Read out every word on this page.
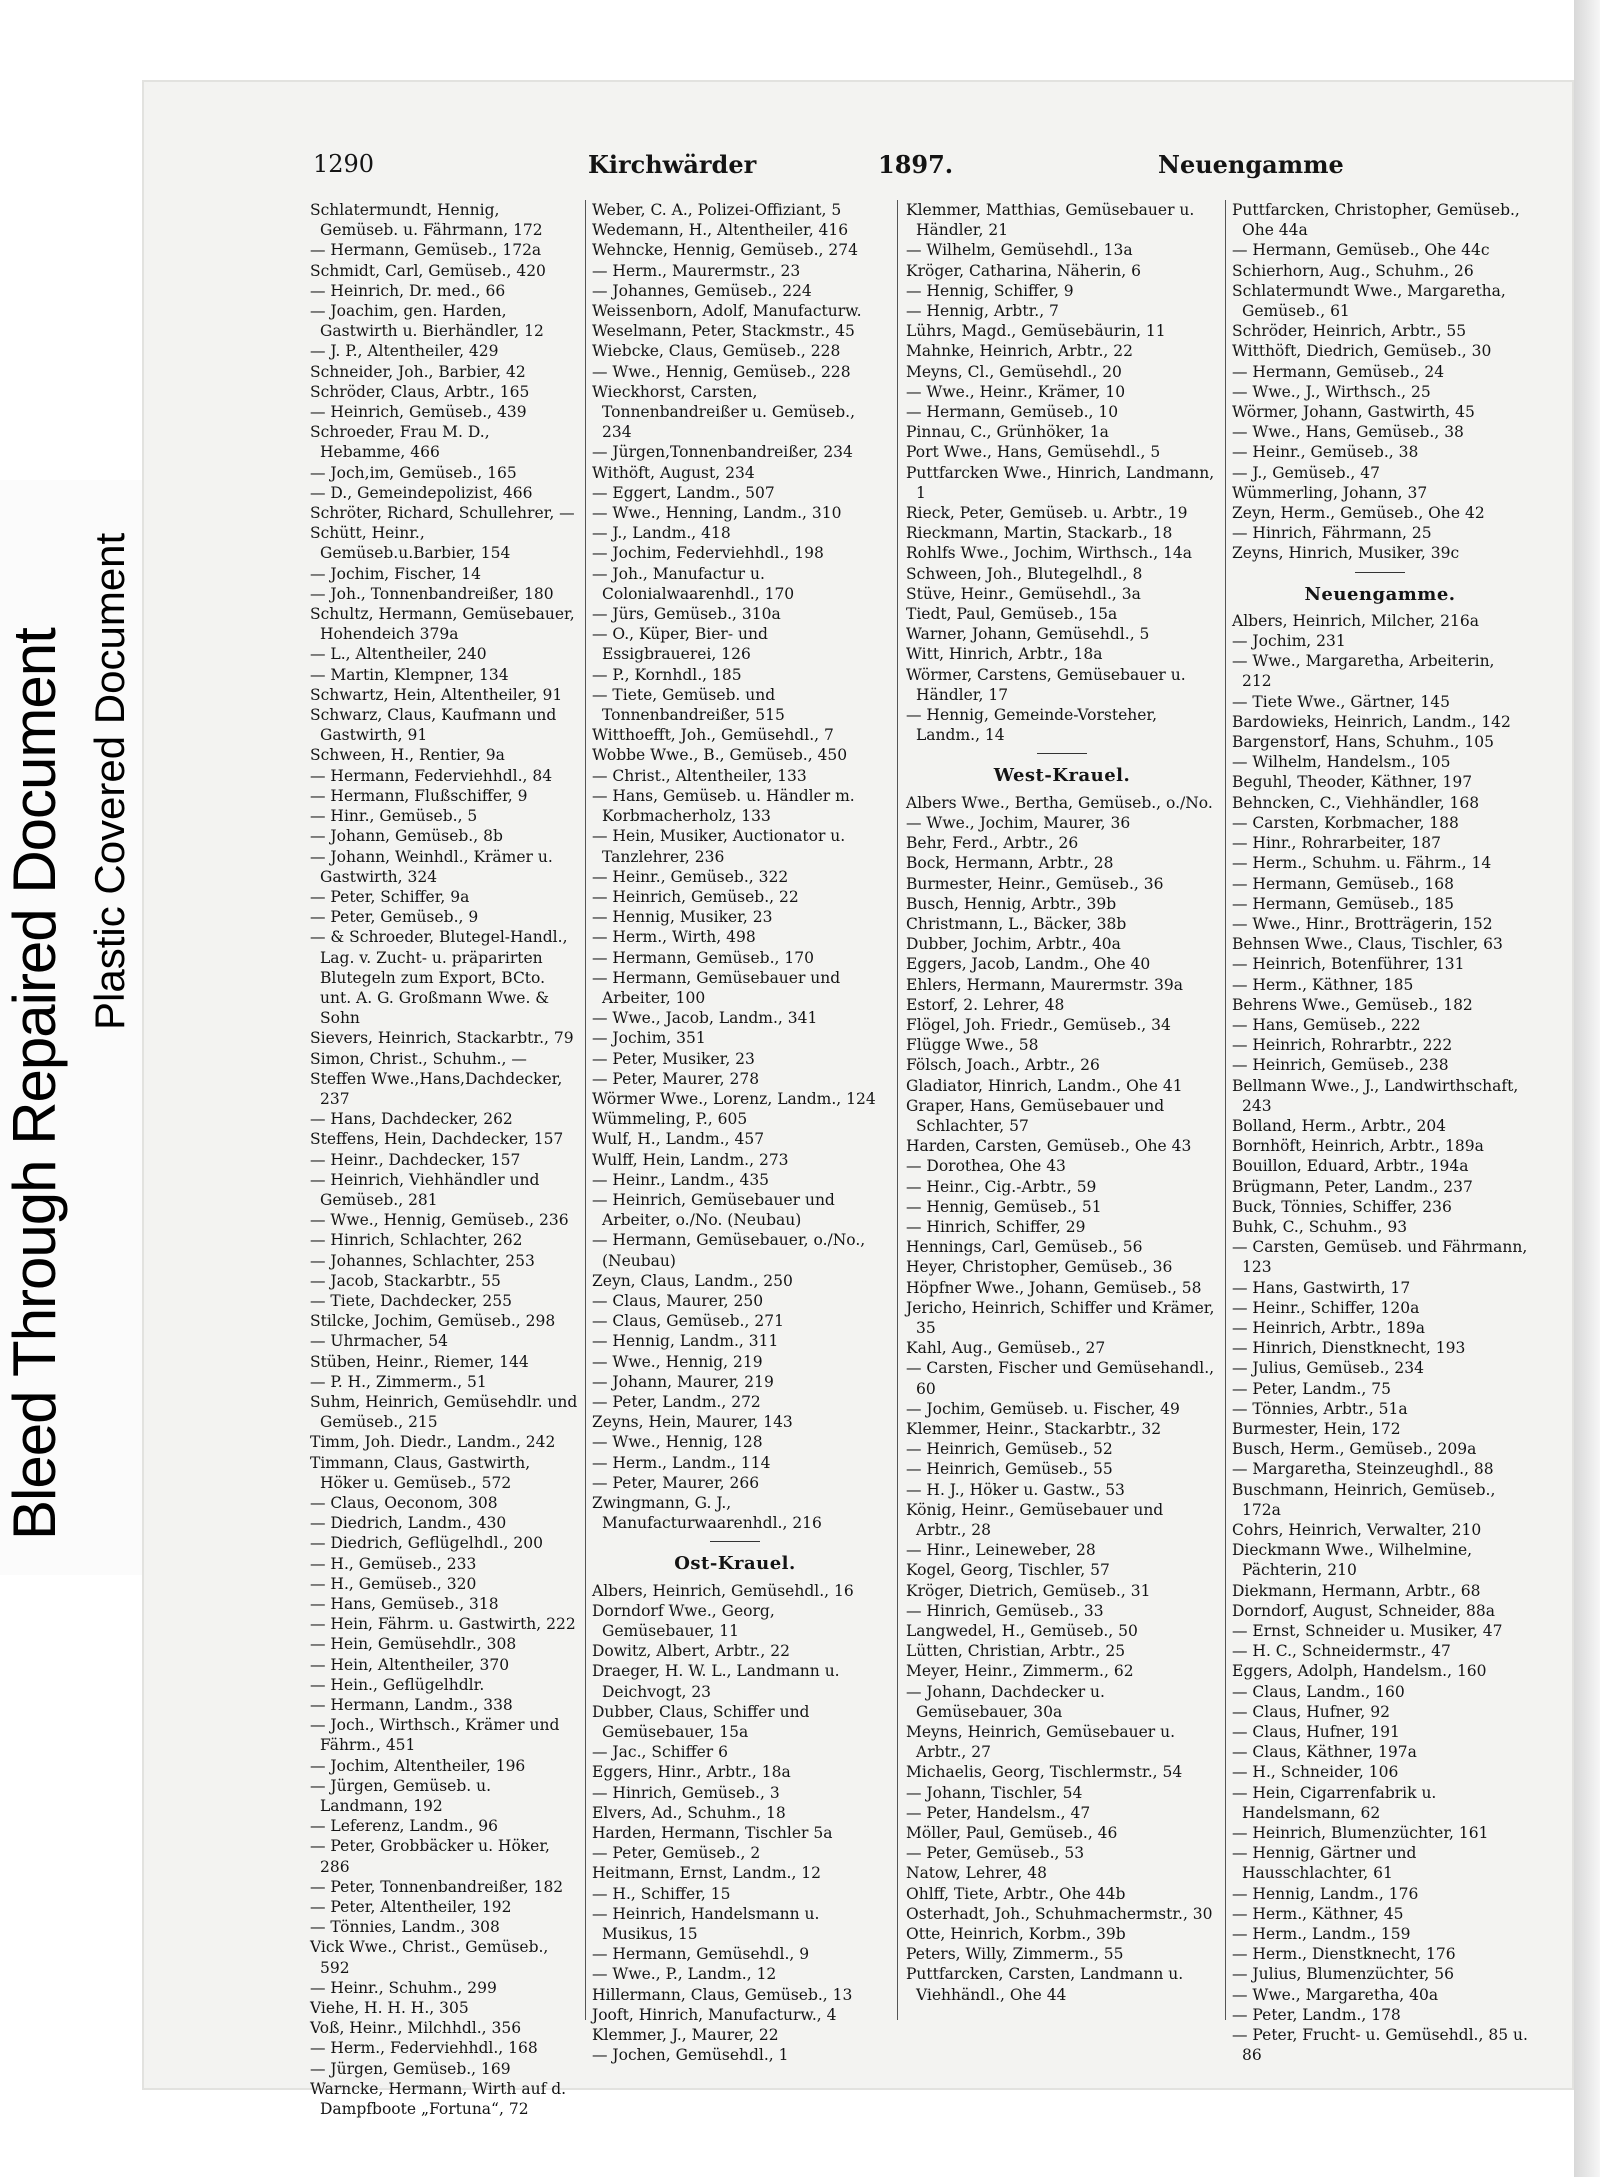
Bleed Through Repaired Document Plastic Covered Document
1290	Kirchwärder	1897.	Neuengamme

Schlatermundt, Hennig, Gemüseb. u. Fährmann, 172

— Hermann, Gemüseb., 172a

Schmidt, Carl, Gemüseb., 420

— Heinrich, Dr. med., 66

— Joachim, gen. Harden, Gastwirth u. Bierhändler, 12

— J. P., Altentheiler, 429

Schneider, Joh., Barbier, 42

Schröder, Claus, Arbtr., 165

— Heinrich, Gemüseb., 439

Schroeder, Frau M. D., Hebamme, 466

— Joch,im, Gemüseb., 165

— D., Gemeindepolizist, 466

Schröter, Richard, Schullehrer, —

Schütt, Heinr., Gemüseb.u.Barbier, 154

— Jochim, Fischer, 14

— Joh., Tonnenbandreißer, 180

Schultz, Hermann, Gemüsebauer, Hohendeich 379a

— L., Altentheiler, 240

— Martin, Klempner, 134

Schwartz, Hein, Altentheiler, 91

Schwarz, Claus, Kaufmann und Gastwirth, 91

Schween, H., Rentier, 9a

— Hermann, Federviehhdl., 84

— Hermann, Flußschiffer, 9

— Hinr., Gemüseb., 5

— Johann, Gemüseb., 8b

— Johann, Weinhdl., Krämer u. Gastwirth, 324

— Peter, Schiffer, 9a

— Peter, Gemüseb., 9

— & Schroeder, Blutegel-Handl., Lag. v. Zucht- u. präparirten Blutegeln zum Export, BCto. unt. A. G. Großmann Wwe. & Sohn

Sievers, Heinrich, Stackarbtr., 79

Simon, Christ., Schuhm., —

Steffen Wwe.,Hans,Dachdecker, 237

— Hans, Dachdecker, 262

Steffens, Hein, Dachdecker, 157

— Heinr., Dachdecker, 157

— Heinrich, Viehhändler und Gemüseb., 281

— Wwe., Hennig, Gemüseb., 236

— Hinrich, Schlachter, 262

— Johannes, Schlachter, 253

— Jacob, Stackarbtr., 55

— Tiete, Dachdecker, 255

Stilcke, Jochim, Gemüseb., 298

— Uhrmacher, 54

Stüben, Heinr., Riemer, 144

— P. H., Zimmerm., 51

Suhm, Heinrich, Gemüsehdlr. und Gemüseb., 215

Timm, Joh. Diedr., Landm., 242

Timmann, Claus, Gastwirth, Höker u. Gemüseb., 572

— Claus, Oeconom, 308

— Diedrich, Landm., 430

— Diedrich, Geflügelhdl., 200

— H., Gemüseb., 233

— H., Gemüseb., 320

— Hans, Gemüseb., 318

— Hein, Fährm. u. Gastwirth, 222

— Hein, Gemüsehdlr., 308

— Hein, Altentheiler, 370

— Hein., Geflügelhdlr.

— Hermann, Landm., 338

— Joch., Wirthsch., Krämer und Fährm., 451

— Jochim, Altentheiler, 196

— Jürgen, Gemüseb. u. Landmann, 192

— Leferenz, Landm., 96

— Peter, Grobbäcker u. Höker, 286

— Peter, Tonnenbandreißer, 182

— Peter, Altentheiler, 192

— Tönnies, Landm., 308

Vick Wwe., Christ., Gemüseb., 592

— Heinr., Schuhm., 299

Viehe, H. H. H., 305

Voß, Heinr., Milchhdl., 356

— Herm., Federviehhdl., 168

— Jürgen, Gemüseb., 169

Warncke, Hermann, Wirth auf d. Dampfboote „Fortuna“, 72

Weber, C. A., Polizei-Offiziant, 5

Wedemann, H., Altentheiler, 416

Wehncke, Hennig, Gemüseb., 274

— Herm., Maurermstr., 23

— Johannes, Gemüseb., 224

Weissenborn, Adolf, Manufacturw.

Weselmann, Peter, Stackmstr., 45

Wiebcke, Claus, Gemüseb., 228

— Wwe., Hennig, Gemüseb., 228

Wieckhorst, Carsten, Tonnenbandreißer u. Gemüseb., 234

— Jürgen,Tonnenbandreißer, 234

Withöft, August, 234

— Eggert, Landm., 507

— Wwe., Henning, Landm., 310

— J., Landm., 418

— Jochim, Federviehhdl., 198

— Joh., Manufactur u. Colonialwaarenhdl., 170

— Jürs, Gemüseb., 310a

— O., Küper, Bier- und Essigbrauerei, 126

— P., Kornhdl., 185

— Tiete, Gemüseb. und Tonnenbandreißer, 515

Witthoefft, Joh., Gemüsehdl., 7

Wobbe Wwe., B., Gemüseb., 450

— Christ., Altentheiler, 133

— Hans, Gemüseb. u. Händler m. Korbmacherholz, 133

— Hein, Musiker, Auctionator u. Tanzlehrer, 236

— Heinr., Gemüseb., 322

— Heinrich, Gemüseb., 22

— Hennig, Musiker, 23

— Herm., Wirth, 498

— Hermann, Gemüseb., 170

— Hermann, Gemüsebauer und Arbeiter, 100

— Wwe., Jacob, Landm., 341

— Jochim, 351

— Peter, Musiker, 23

— Peter, Maurer, 278

Wörmer Wwe., Lorenz, Landm., 124

Wümmeling, P., 605

Wulf, H., Landm., 457

Wulff, Hein, Landm., 273

— Heinr., Landm., 435

— Heinrich, Gemüsebauer und Arbeiter, o./No. (Neubau)

— Hermann, Gemüsebauer, o./No., (Neubau)

Zeyn, Claus, Landm., 250

— Claus, Maurer, 250

— Claus, Gemüseb., 271

— Hennig, Landm., 311

— Wwe., Hennig, 219

— Johann, Maurer, 219

— Peter, Landm., 272

Zeyns, Hein, Maurer, 143

— Wwe., Hennig, 128

— Herm., Landm., 114

— Peter, Maurer, 266

Zwingmann, G. J., Manufacturwaarenhdl., 216

Ost-Krauel.

Albers, Heinrich, Gemüsehdl., 16

Dorndorf Wwe., Georg, Gemüsebauer, 11

Dowitz, Albert, Arbtr., 22

Draeger, H. W. L., Landmann u. Deichvogt, 23

Dubber, Claus, Schiffer und Gemüsebauer, 15a

— Jac., Schiffer 6

Eggers, Hinr., Arbtr., 18a

— Hinrich, Gemüseb., 3

Elvers, Ad., Schuhm., 18

Harden, Hermann, Tischler 5a

— Peter, Gemüseb., 2

Heitmann, Ernst, Landm., 12

— H., Schiffer, 15

— Heinrich, Handelsmann u. Musikus, 15

— Hermann, Gemüsehdl., 9

— Wwe., P., Landm., 12

Hillermann, Claus, Gemüseb., 13

Jooft, Hinrich, Manufacturw., 4

Klemmer, J., Maurer, 22

— Jochen, Gemüsehdl., 1

Klemmer, Matthias, Gemüsebauer u. Händler, 21

— Wilhelm, Gemüsehdl., 13a

Kröger, Catharina, Näherin, 6

— Hennig, Schiffer, 9

— Hennig, Arbtr., 7

Lührs, Magd., Gemüsebäurin, 11

Mahnke, Heinrich, Arbtr., 22

Meyns, Cl., Gemüsehdl., 20

— Wwe., Heinr., Krämer, 10

— Hermann, Gemüseb., 10

Pinnau, C., Grünhöker, 1a

Port Wwe., Hans, Gemüsehdl., 5

Puttfarcken Wwe., Hinrich, Landmann, 1

Rieck, Peter, Gemüseb. u. Arbtr., 19

Rieckmann, Martin, Stackarb., 18

Rohlfs Wwe., Jochim, Wirthsch., 14a

Schween, Joh., Blutegelhdl., 8

Stüve, Heinr., Gemüsehdl., 3a

Tiedt, Paul, Gemüseb., 15a

Warner, Johann, Gemüsehdl., 5

Witt, Hinrich, Arbtr., 18a

Wörmer, Carstens, Gemüsebauer u. Händler, 17

— Hennig, Gemeinde-Vorsteher, Landm., 14

West-Krauel.

Albers Wwe., Bertha, Gemüseb., o./No.

— Wwe., Jochim, Maurer, 36

Behr, Ferd., Arbtr., 26

Bock, Hermann, Arbtr., 28

Burmester, Heinr., Gemüseb., 36

Busch, Hennig, Arbtr., 39b

Christmann, L., Bäcker, 38b

Dubber, Jochim, Arbtr., 40a

Eggers, Jacob, Landm., Ohe 40

Ehlers, Hermann, Maurermstr. 39a

Estorf, 2. Lehrer, 48

Flögel, Joh. Friedr., Gemüseb., 34

Flügge Wwe., 58

Fölsch, Joach., Arbtr., 26

Gladiator, Hinrich, Landm., Ohe 41

Graper, Hans, Gemüsebauer und Schlachter, 57

Harden, Carsten, Gemüseb., Ohe 43

— Dorothea, Ohe 43

— Heinr., Cig.-Arbtr., 59

— Hennig, Gemüseb., 51

— Hinrich, Schiffer, 29

Hennings, Carl, Gemüseb., 56

Heyer, Christopher, Gemüseb., 36

Höpfner Wwe., Johann, Gemüseb., 58

Jericho, Heinrich, Schiffer und Krämer, 35

Kahl, Aug., Gemüseb., 27

— Carsten, Fischer und Gemüsehandl., 60

— Jochim, Gemüseb. u. Fischer, 49

Klemmer, Heinr., Stackarbtr., 32

— Heinrich, Gemüseb., 52

— Heinrich, Gemüseb., 55

— H. J., Höker u. Gastw., 53

König, Heinr., Gemüsebauer und Arbtr., 28

— Hinr., Leineweber, 28

Kogel, Georg, Tischler, 57

Kröger, Dietrich, Gemüseb., 31

— Hinrich, Gemüseb., 33

Langwedel, H., Gemüseb., 50

Lütten, Christian, Arbtr., 25

Meyer, Heinr., Zimmerm., 62

— Johann, Dachdecker u. Gemüsebauer, 30a

Meyns, Heinrich, Gemüsebauer u. Arbtr., 27

Michaelis, Georg, Tischlermstr., 54

— Johann, Tischler, 54

— Peter, Handelsm., 47

Möller, Paul, Gemüseb., 46

— Peter, Gemüseb., 53

Natow, Lehrer, 48

Ohlff, Tiete, Arbtr., Ohe 44b

Osterhadt, Joh., Schuhmachermstr., 30

Otte, Heinrich, Korbm., 39b

Peters, Willy, Zimmerm., 55

Puttfarcken, Carsten, Landmann u. Viehhändl., Ohe 44

Puttfarcken, Christopher, Gemüseb., Ohe 44a

— Hermann, Gemüseb., Ohe 44c

Schierhorn, Aug., Schuhm., 26

Schlatermundt Wwe., Margaretha, Gemüseb., 61

Schröder, Heinrich, Arbtr., 55

Witthöft, Diedrich, Gemüseb., 30

— Hermann, Gemüseb., 24

— Wwe., J., Wirthsch., 25

Wörmer, Johann, Gastwirth, 45

— Wwe., Hans, Gemüseb., 38

— Heinr., Gemüseb., 38

— J., Gemüseb., 47

Wümmerling, Johann, 37

Zeyn, Herm., Gemüseb., Ohe 42

— Hinrich, Fährmann, 25

Zeyns, Hinrich, Musiker, 39c

Neuengamme.

Albers, Heinrich, Milcher, 216a

— Jochim, 231

— Wwe., Margaretha, Arbeiterin, 212

— Tiete Wwe., Gärtner, 145

Bardowieks, Heinrich, Landm., 142

Bargenstorf, Hans, Schuhm., 105

— Wilhelm, Handelsm., 105

Beguhl, Theoder, Käthner, 197

Behncken, C., Viehhändler, 168

— Carsten, Korbmacher, 188

— Hinr., Rohrarbeiter, 187

— Herm., Schuhm. u. Fährm., 14

— Hermann, Gemüseb., 168

— Hermann, Gemüseb., 185

— Wwe., Hinr., Brotträgerin, 152

Behnsen Wwe., Claus, Tischler, 63

— Heinrich, Botenführer, 131

— Herm., Käthner, 185

Behrens Wwe., Gemüseb., 182

— Hans, Gemüseb., 222

— Heinrich, Rohrarbtr., 222

— Heinrich, Gemüseb., 238

Bellmann Wwe., J., Landwirthschaft, 243

Bolland, Herm., Arbtr., 204

Bornhöft, Heinrich, Arbtr., 189a

Bouillon, Eduard, Arbtr., 194a

Brügmann, Peter, Landm., 237

Buck, Tönnies, Schiffer, 236

Buhk, C., Schuhm., 93

— Carsten, Gemüseb. und Fährmann, 123

— Hans, Gastwirth, 17

— Heinr., Schiffer, 120a

— Heinrich, Arbtr., 189a

— Hinrich, Dienstknecht, 193

— Julius, Gemüseb., 234

— Peter, Landm., 75

— Tönnies, Arbtr., 51a

Burmester, Hein, 172

Busch, Herm., Gemüseb., 209a

— Margaretha, Steinzeughdl., 88

Buschmann, Heinrich, Gemüseb., 172a

Cohrs, Heinrich, Verwalter, 210

Dieckmann Wwe., Wilhelmine, Pächterin, 210

Diekmann, Hermann, Arbtr., 68

Dorndorf, August, Schneider, 88a

— Ernst, Schneider u. Musiker, 47

— H. C., Schneidermstr., 47

Eggers, Adolph, Handelsm., 160

— Claus, Landm., 160

— Claus, Hufner, 92

— Claus, Hufner, 191

— Claus, Käthner, 197a

— H., Schneider, 106

— Hein, Cigarrenfabrik u. Handelsmann, 62

— Heinrich, Blumenzüchter, 161

— Hennig, Gärtner und Hausschlachter, 61

— Hennig, Landm., 176

— Herm., Käthner, 45

— Herm., Landm., 159

— Herm., Dienstknecht, 176

— Julius, Blumenzüchter, 56

— Wwe., Margaretha, 40a

— Peter, Landm., 178

— Peter, Frucht- u. Gemüsehdl., 85 u. 86
